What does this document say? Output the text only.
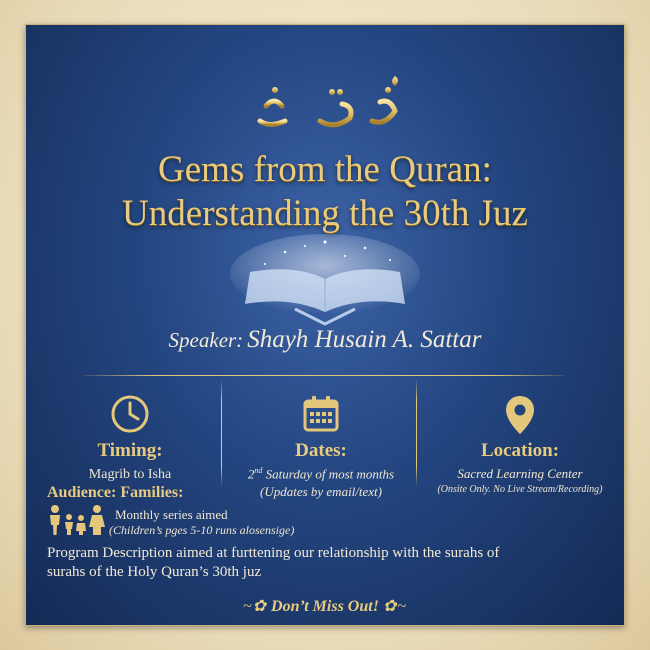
Gems from the Quran:
Understanding the 30th Juz
Speaker: Shayh Husain A. Sattar
Timing:
Magrib to Isha
Dates:
2nd Saturday of most months
(Updates by email/text)
Location:
Sacred Learning Center
(Onsite Only. No Live Stream/Recording)
Audience: Families:
Monthly series aimed
(Children’s pges 5-10 runs alosensige)
Program Description aimed at furttening our relationship with the surahs of
surahs of the Holy Quran’s 30th juz
~✿ Don’t Miss Out! ✿~
